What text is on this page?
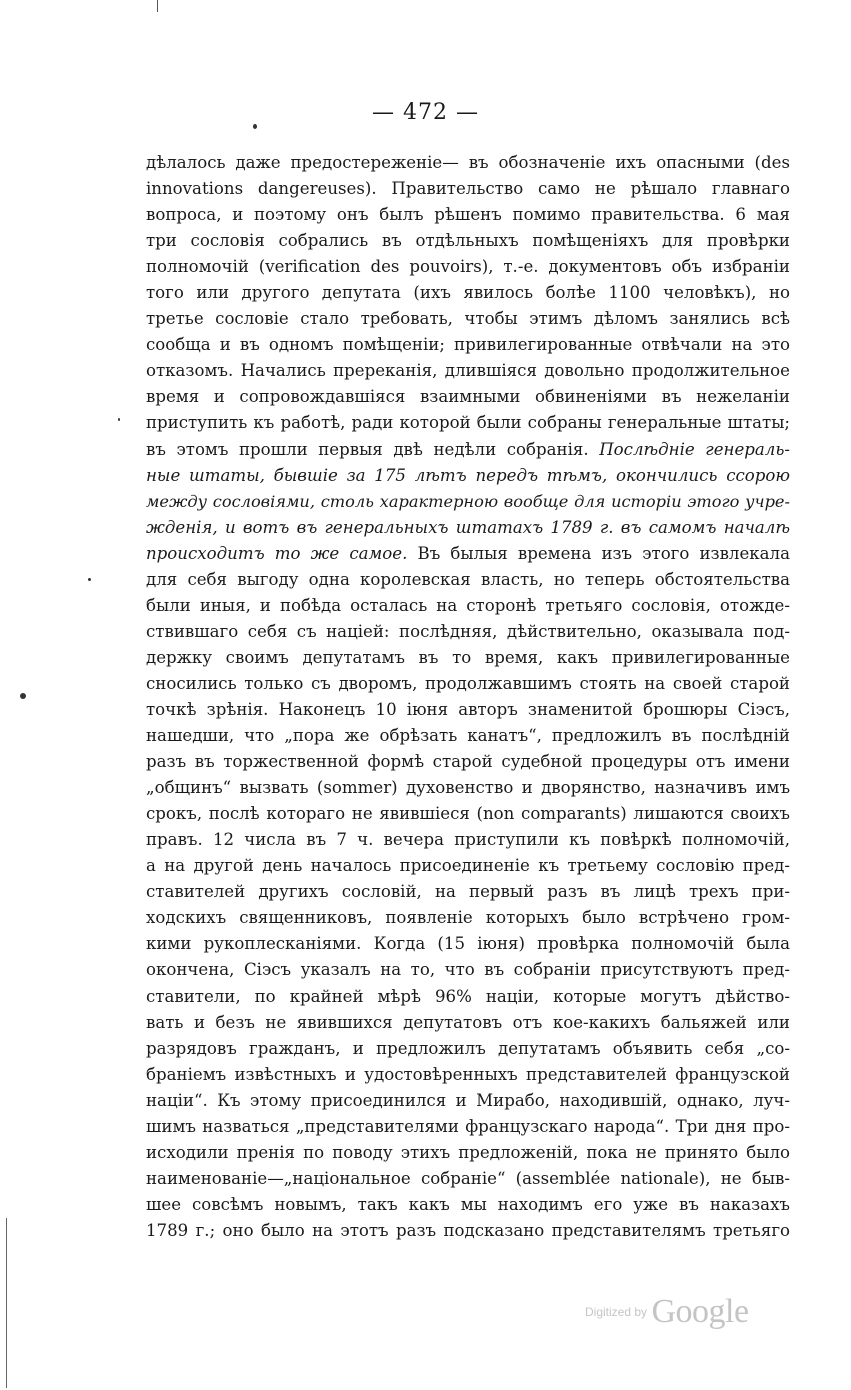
— 472 —
дѣлалось даже предостереженіе— въ обозначеніе ихъ опасными (des
innovations dangereuses). Правительство само не рѣшало главнаго
вопроса, и поэтому онъ былъ рѣшенъ помимо правительства. 6 мая
три сословія собрались въ отдѣльныхъ помѣщеніяхъ для провѣрки
полномочій (verification des pouvoirs), т.-е. документовъ объ избраніи
того или другого депутата (ихъ явилось болѣе 1100 человѣкъ), но
третье сословіе стало требовать, чтобы этимъ дѣломъ занялись всѣ
сообща и въ одномъ помѣщеніи; привилегированные отвѣчали на это
отказомъ. Начались пререканія, длившіяся довольно продолжительное
время и сопровождавшіяся взаимными обвиненіями въ нежеланіи
приступить къ работѣ, ради которой были собраны генеральные штаты;
въ этомъ прошли первыя двѣ недѣли собранія. Послѣдніе генераль-
ные штаты, бывшіе за 175 лѣтъ передъ тѣмъ, окончились ссорою
между сословіями, столь характерною вообще для исторіи этого учре-
жденія, и вотъ въ генеральныхъ штатахъ 1789 г. въ самомъ началѣ
происходитъ то же самое. Въ былыя времена изъ этого извлекала
для себя выгоду одна королевская власть, но теперь обстоятельства
были иныя, и побѣда осталась на сторонѣ третьяго сословія, отожде-
ствившаго себя съ націей: послѣдняя, дѣйствительно, оказывала под-
держку своимъ депутатамъ въ то время, какъ привилегированные
сносились только съ дворомъ, продолжавшимъ стоять на своей старой
точкѣ зрѣнія. Наконецъ 10 іюня авторъ знаменитой брошюры Сіэсъ,
нашедши, что „пора же обрѣзать канатъ“, предложилъ въ послѣдній
разъ въ торжественной формѣ старой судебной процедуры отъ имени
„общинъ“ вызвать (sommer) духовенство и дворянство, назначивъ имъ
срокъ, послѣ котораго не явившіеся (non comparants) лишаются своихъ
правъ. 12 числа въ 7 ч. вечера приступили къ повѣркѣ полномочій,
а на другой день началось присоединеніе къ третьему сословію пред-
ставителей другихъ сословій, на первый разъ въ лицѣ трехъ при-
ходскихъ священниковъ, появленіе которыхъ было встрѣчено гром-
кими рукоплесканіями. Когда (15 іюня) провѣрка полномочій была
окончена, Сіэсъ указалъ на то, что въ собраніи присутствуютъ пред-
ставители, по крайней мѣрѣ 96% націи, которые могутъ дѣйство-
вать и безъ не явившихся депутатовъ отъ кое-какихъ бальяжей или
разрядовъ гражданъ, и предложилъ депутатамъ объявить себя „со-
браніемъ извѣстныхъ и удостовѣренныхъ представителей французской
націи“. Къ этому присоединился и Мирабо, находившій, однако, луч-
шимъ назваться „представителями французскаго народа“. Три дня про-
исходили пренія по поводу этихъ предложеній, пока не принято было
наименованіе—„національное собраніе“ (assemblée nationale), не быв-
шее совсѣмъ новымъ, такъ какъ мы находимъ его уже въ наказахъ
1789 г.; оно было на этотъ разъ подсказано представителямъ третьяго
Digitized by Google
